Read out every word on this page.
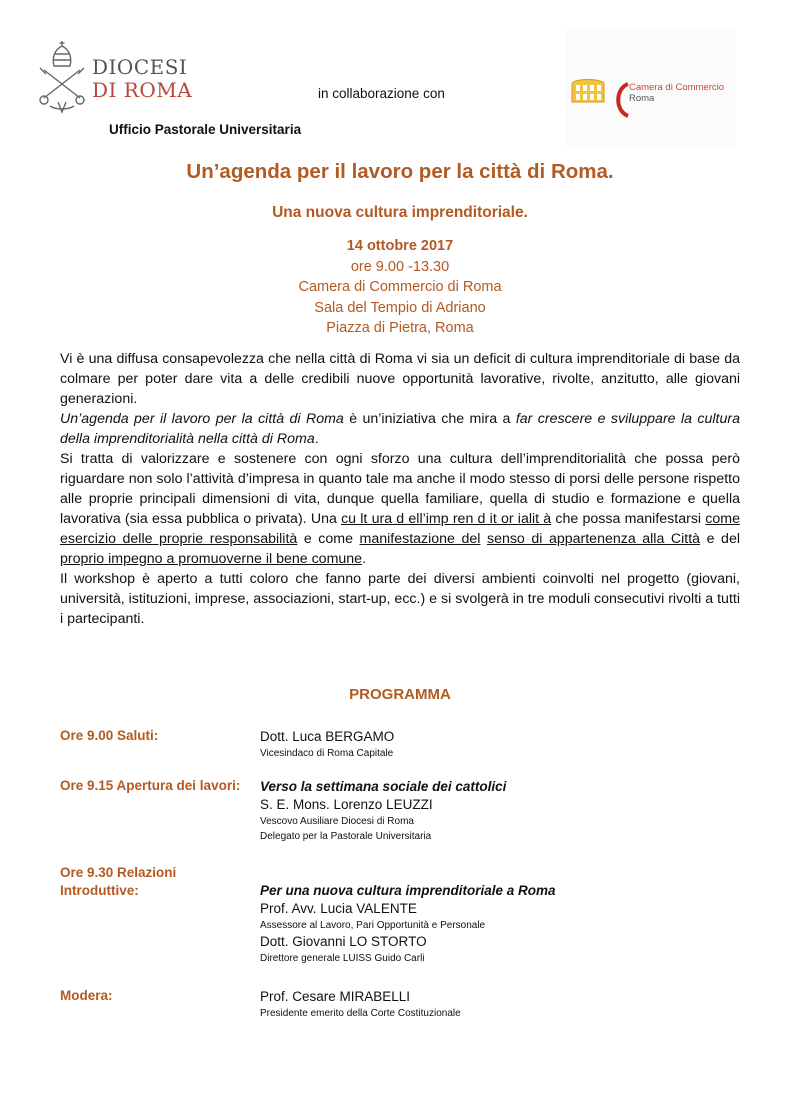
DIOCESI
DI ROMA	in collaborazione con
Ufficio Pastorale Universitaria
Camera di Commercio
Roma
Un’agenda per il lavoro per la città di Roma.
Una nuova cultura imprenditoriale.
14 ottobre 2017
ore 9.00 -13.30
Camera di Commercio di Roma
Sala del Tempio di Adriano
Piazza di Pietra, Roma

Vi è una diffusa consapevolezza che nella città di Roma vi sia un deficit di cultura imprenditoriale di base da colmare per poter dare vita a delle credibili nuove opportunità lavorative, rivolte, anzitutto, alle giovani generazioni.

Un’agenda per il lavoro per la città di Roma è un’iniziativa che mira a far crescere e sviluppare la cultura della imprenditorialità nella città di Roma.

Si tratta di valorizzare e sostenere con ogni sforzo una cultura dell’imprenditorialità che possa però riguardare non solo l’attività d’impresa in quanto tale ma anche il modo stesso di porsi delle persone rispetto alle proprie principali dimensioni di vita, dunque quella familiare, quella di studio e formazione e quella lavorativa (sia essa pubblica o privata). Una cu lt ura d ell’imp ren d it or ialit à che possa manifestarsi come esercizio delle proprie responsabilità e come manifestazione del senso di appartenenza alla Città e del proprio impegno a promuoverne il bene comune.

Il workshop è aperto a tutti coloro che fanno parte dei diversi ambienti coinvolti nel progetto (giovani, università, istituzioni, imprese, associazioni, start-up, ecc.) e si svolgerà in tre moduli consecutivi rivolti a tutti i partecipanti.

PROGRAMMA
Ore 9.00 Saluti:	Dott. Luca BERGAMO
Vicesindaco di Roma Capitale
Ore 9.15 Apertura dei lavori: Verso la settimana sociale dei cattolici
S. E. Mons. Lorenzo LEUZZI
Vescovo Ausiliare Diocesi di Roma
Delegato per la Pastorale Universitaria
Ore 9.30 Relazioni
Introduttive:	Per una nuova cultura imprenditoriale a Roma
Prof. Avv. Lucia VALENTE
Assessore al Lavoro, Pari Opportunità e Personale
Dott. Giovanni LO STORTO
Direttore generale LUISS Guido Carli
Modera:	Prof. Cesare MIRABELLI
Presidente emerito della Corte Costituzionale
